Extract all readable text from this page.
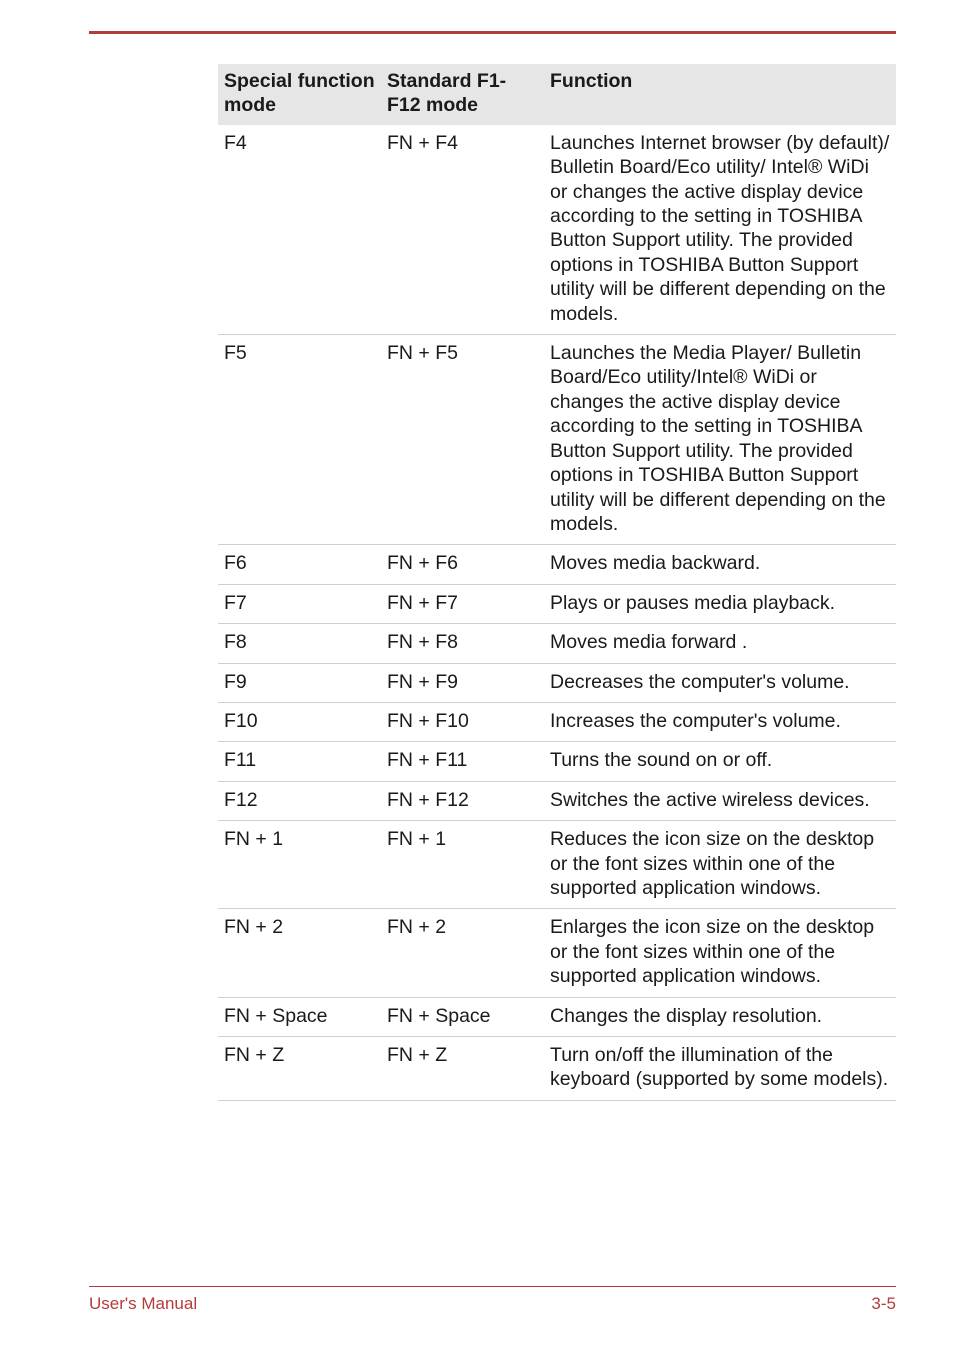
Special function mode	Standard F1-F12 mode	Function
F4	FN + F4	Launches Internet browser (by default)/ Bulletin Board/Eco utility/ Intel® WiDi or changes the active display device according to the setting in TOSHIBA Button Support utility. The provided options in TOSHIBA Button Support utility will be different depending on the models.
F5	FN + F5	Launches the Media Player/ Bulletin Board/Eco utility/Intel® WiDi or changes the active display device according to the setting in TOSHIBA Button Support utility. The provided options in TOSHIBA Button Support utility will be different depending on the models.
F6	FN + F6	Moves media backward.
F7	FN + F7	Plays or pauses media playback.
F8	FN + F8	Moves media forward .
F9	FN + F9	Decreases the computer's volume.
F10	FN + F10	Increases the computer's volume.
F11	FN + F11	Turns the sound on or off.
F12	FN + F12	Switches the active wireless devices.
FN + 1	FN + 1	Reduces the icon size on the desktop or the font sizes within one of the supported application windows.
FN + 2	FN + 2	Enlarges the icon size on the desktop or the font sizes within one of the supported application windows.
FN + Space	FN + Space	Changes the display resolution.
FN + Z	FN + Z	Turn on/off the illumination of the keyboard (supported by some models).
User's Manual	3-5
